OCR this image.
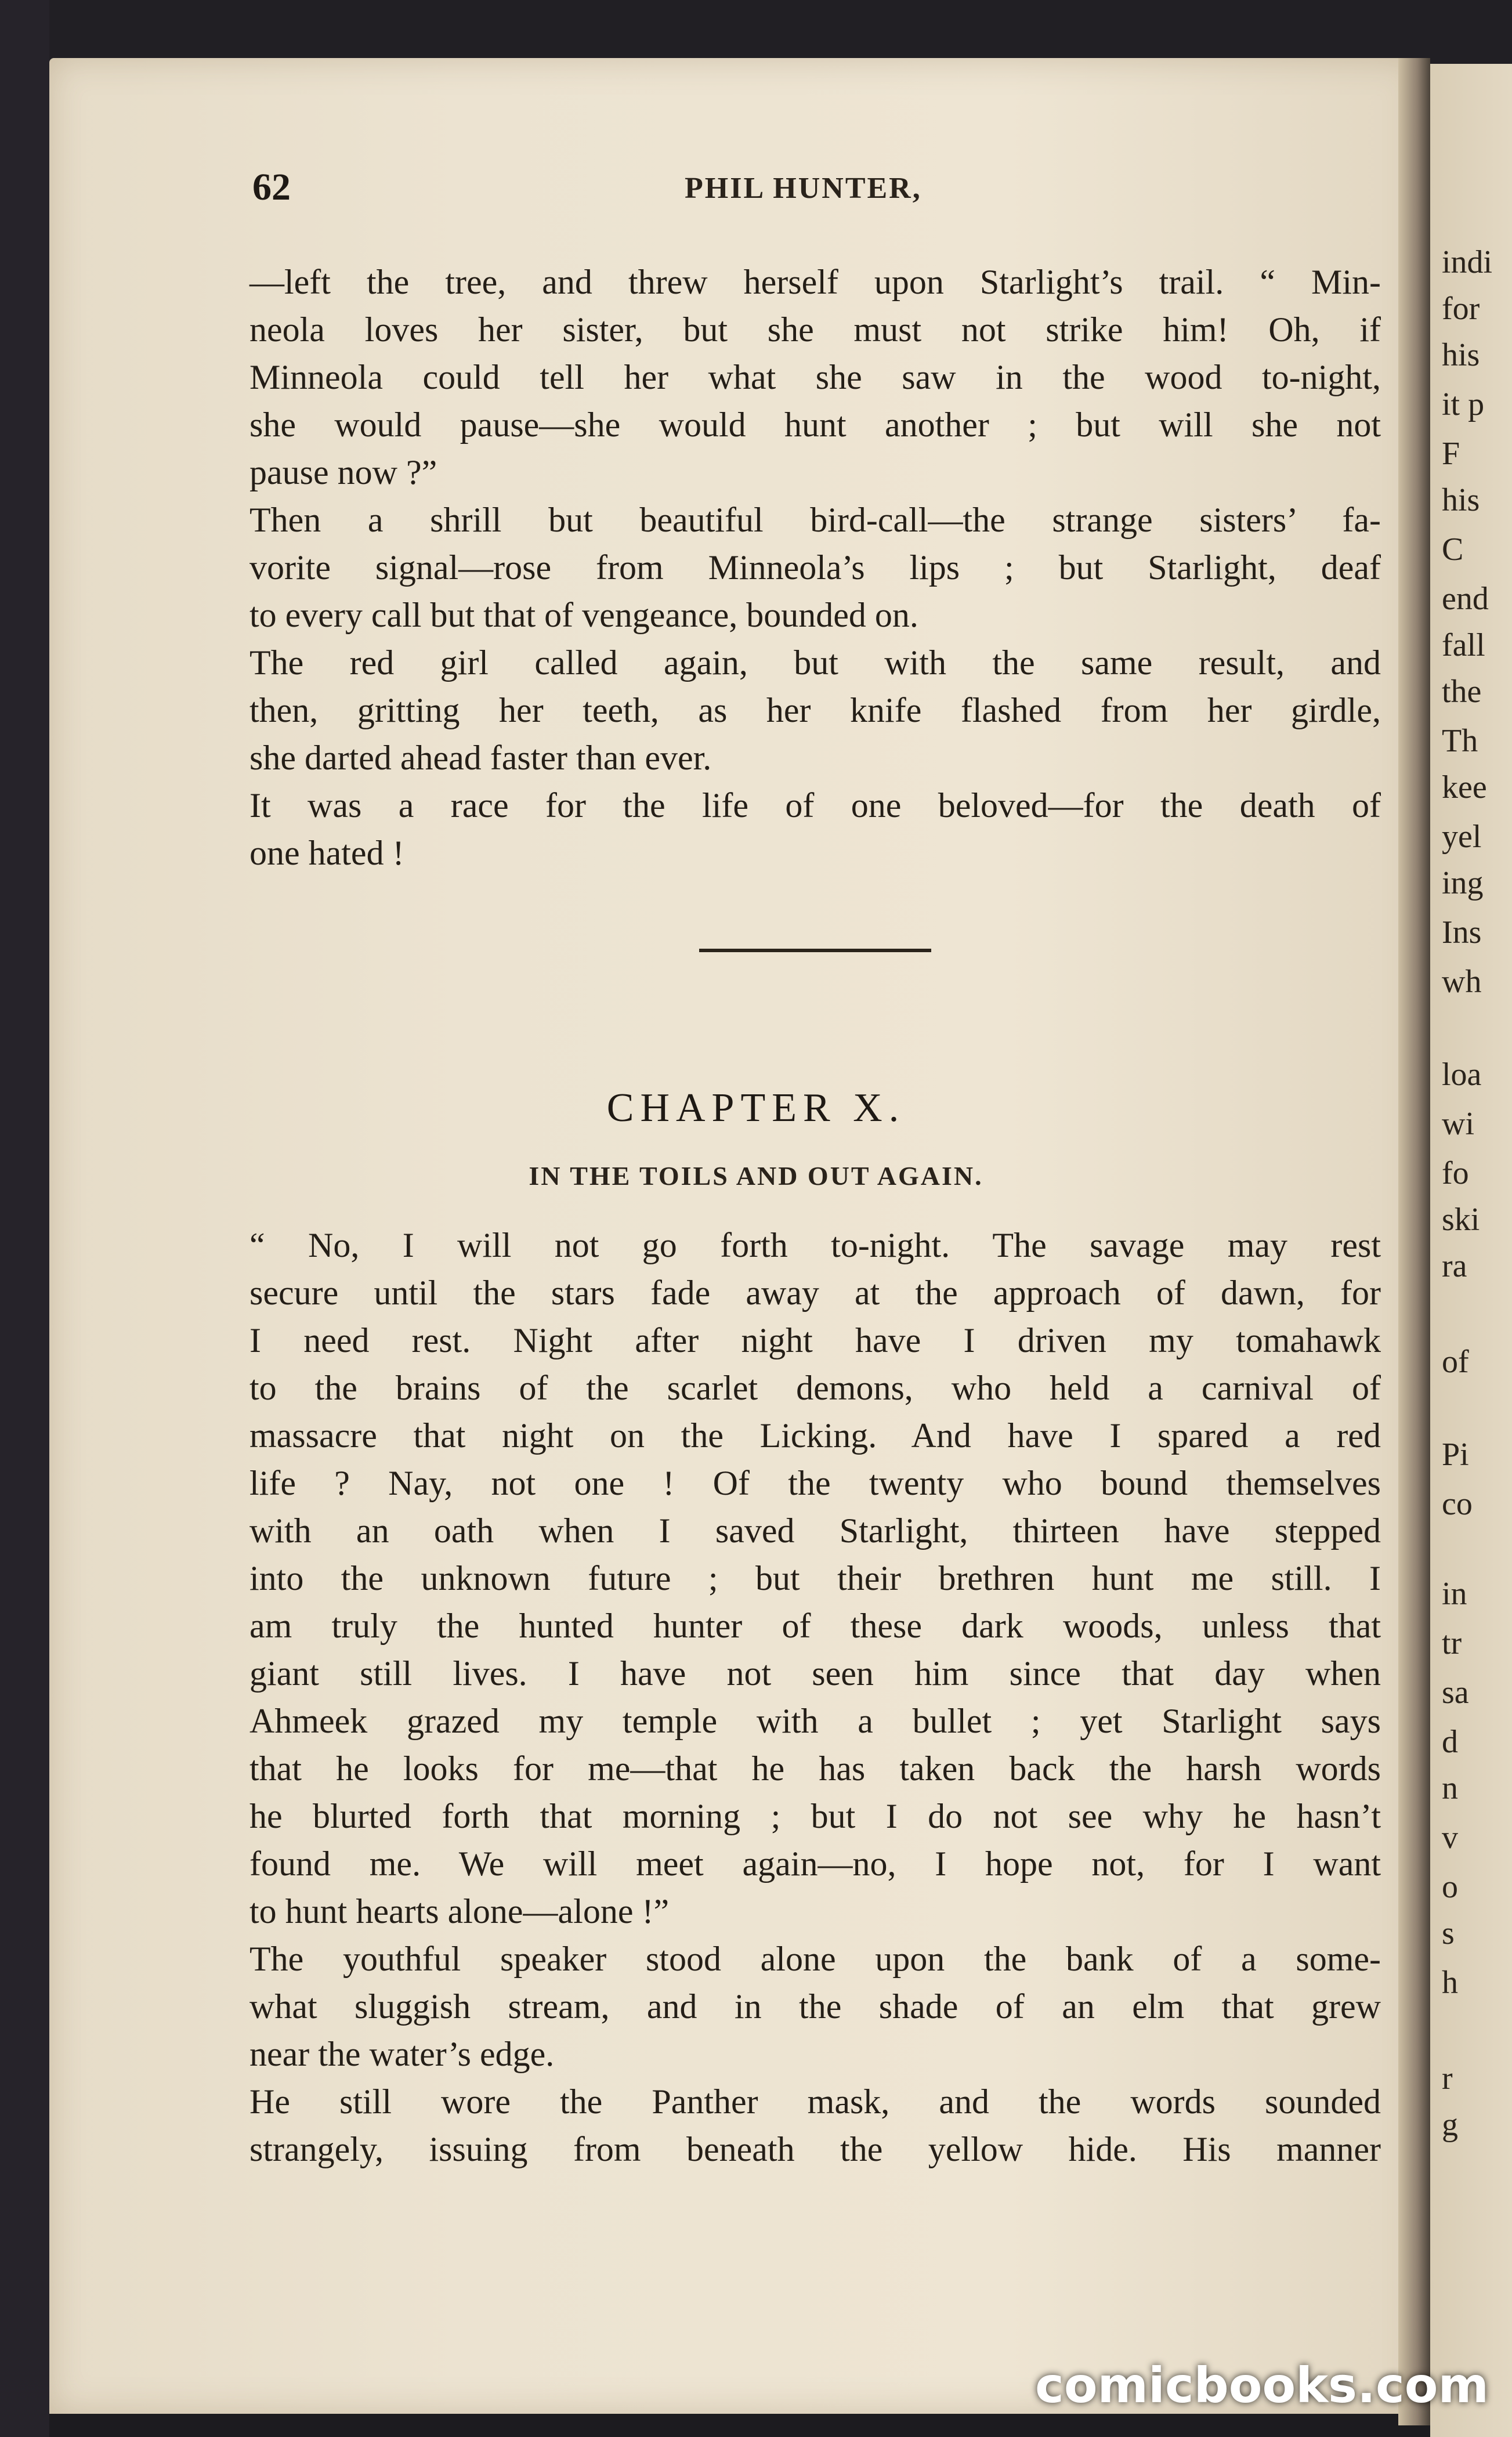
indi

for

his

it p

F

his

C

end

fall

the

Th

kee

yel

ing

Ins

wh

loa

wi

fo

ski

ra

of

Pi

co

in

tr

sa

d

n

v

o

s

h

r

g

62	PHIL HUNTER,

—left the tree, and threw herself upon Starlight’s trail. “ Min-

neola loves her sister, but she must not strike him! Oh, if

Minneola could tell her what she saw in the wood to-night,

she would pause—she would hunt another ; but will she not

pause now ?”

Then a shrill but beautiful bird-call—the strange sisters’ fa-

vorite signal—rose from Minneola’s lips ; but Starlight, deaf

to every call but that of vengeance, bounded on.

The red girl called again, but with the same result, and

then, gritting her teeth, as her knife flashed from her girdle,

she darted ahead faster than ever.

It was a race for the life of one beloved—for the death of

one hated !

CHAPTER X.

IN THE TOILS AND OUT AGAIN.

“ No, I will not go forth to-night. The savage may rest

secure until the stars fade away at the approach of dawn, for

I need rest. Night after night have I driven my tomahawk

to the brains of the scarlet demons, who held a carnival of

massacre that night on the Licking. And have I spared a red

life ? Nay, not one ! Of the twenty who bound themselves

with an oath when I saved Starlight, thirteen have stepped

into the unknown future ; but their brethren hunt me still. I

am truly the hunted hunter of these dark woods, unless that

giant still lives. I have not seen him since that day when

Ahmeek grazed my temple with a bullet ; yet Starlight says

that he looks for me—that he has taken back the harsh words

he blurted forth that morning ; but I do not see why he hasn’t

found me. We will meet again—no, I hope not, for I want

to hunt hearts alone—alone !”

The youthful speaker stood alone upon the bank of a some-

what sluggish stream, and in the shade of an elm that grew

near the water’s edge.

He still wore the Panther mask, and the words sounded

strangely, issuing from beneath the yellow hide. His manner

comicbooks.com
